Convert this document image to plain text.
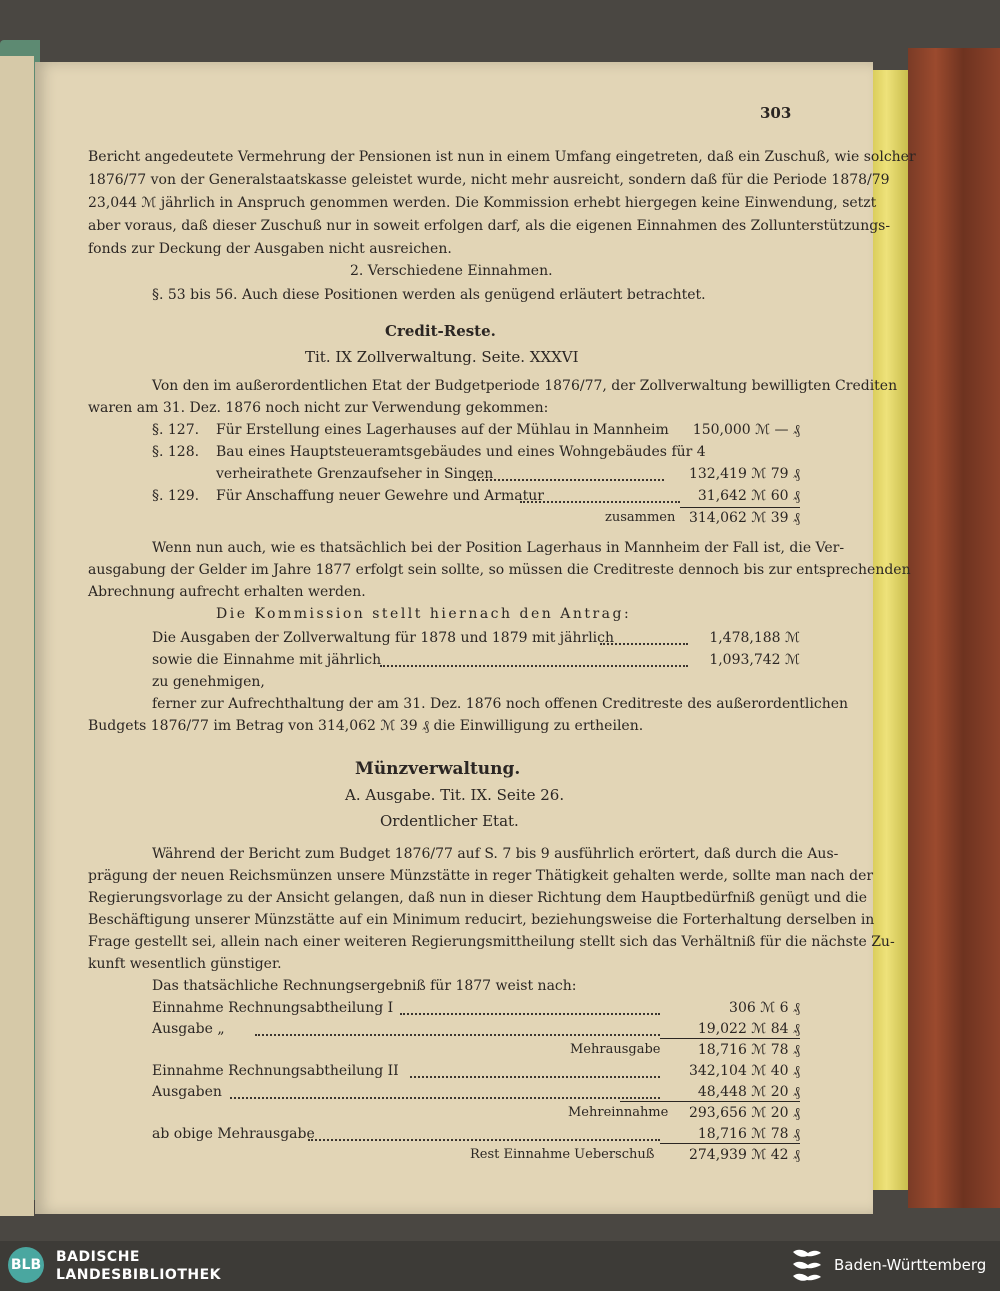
303
Bericht angedeutete Vermehrung der Pensionen ist nun in einem Umfang eingetreten, daß ein Zuschuß, wie solcher
1876/77 von der Generalstaatskasse geleistet wurde, nicht mehr ausreicht, sondern daß für die Periode 1878/79
23,044 ℳ jährlich in Anspruch genommen werden. Die Kommission erhebt hiergegen keine Einwendung, setzt
aber voraus, daß dieser Zuschuß nur in soweit erfolgen darf, als die eigenen Einnahmen des Zollunterstützungs-
fonds zur Deckung der Ausgaben nicht ausreichen.
2. Verschiedene Einnahmen.
§. 53 bis 56. Auch diese Positionen werden als genügend erläutert betrachtet.
Credit-Reste.
Tit. IX Zollverwaltung. Seite. XXXVI
Von den im außerordentlichen Etat der Budgetperiode 1876/77, der Zollverwaltung bewilligten Crediten
waren am 31. Dez. 1876 noch nicht zur Verwendung gekommen:
§. 127. Für Erstellung eines Lagerhauses auf der Mühlau in Mannheim	150,000 ℳ — ₰
§. 128. Bau eines Hauptsteueramtsgebäudes und eines Wohngebäudes für 4
verheirathete Grenzaufseher in Singen	132,419 ℳ 79 ₰
§. 129. Für Anschaffung neuer Gewehre und Armatur	31,642 ℳ 60 ₰
zusammen 314,062 ℳ 39 ₰
Wenn nun auch, wie es thatsächlich bei der Position Lagerhaus in Mannheim der Fall ist, die Ver-
ausgabung der Gelder im Jahre 1877 erfolgt sein sollte, so müssen die Creditreste dennoch bis zur entsprechenden
Abrechnung aufrecht erhalten werden.
Die Kommission stellt hiernach den Antrag:
Die Ausgaben der Zollverwaltung für 1878 und 1879 mit jährlich	1,478,188 ℳ
sowie die Einnahme mit jährlich	1,093,742 ℳ
zu genehmigen,
ferner zur Aufrechthaltung der am 31. Dez. 1876 noch offenen Creditreste des außerordentlichen
Budgets 1876/77 im Betrag von 314,062 ℳ 39 ₰ die Einwilligung zu ertheilen.
Münzverwaltung.
A. Ausgabe. Tit. IX. Seite 26.
Ordentlicher Etat.
Während der Bericht zum Budget 1876/77 auf S. 7 bis 9 ausführlich erörtert, daß durch die Aus-
prägung der neuen Reichsmünzen unsere Münzstätte in reger Thätigkeit gehalten werde, sollte man nach der
Regierungsvorlage zu der Ansicht gelangen, daß nun in dieser Richtung dem Hauptbedürfniß genügt und die
Beschäftigung unserer Münzstätte auf ein Minimum reducirt, beziehungsweise die Forterhaltung derselben in
Frage gestellt sei, allein nach einer weiteren Regierungsmittheilung stellt sich das Verhältniß für die nächste Zu-
kunft wesentlich günstiger.
Das thatsächliche Rechnungsergebniß für 1877 weist nach:
Einnahme Rechnungsabtheilung I	306 ℳ 6 ₰
Ausgabe „	19,022 ℳ 84 ₰
Mehrausgabe	18,716 ℳ 78 ₰
Einnahme Rechnungsabtheilung II	342,104 ℳ 40 ₰
Ausgaben	48,448 ℳ 20 ₰
Mehreinnahme	293,656 ℳ 20 ₰
ab obige Mehrausgabe	18,716 ℳ 78 ₰
Rest Einnahme Ueberschuß	274,939 ℳ 42 ₰
BLB BADISCHE
LANDESBIBLIOTHEK
Baden-Württemberg
